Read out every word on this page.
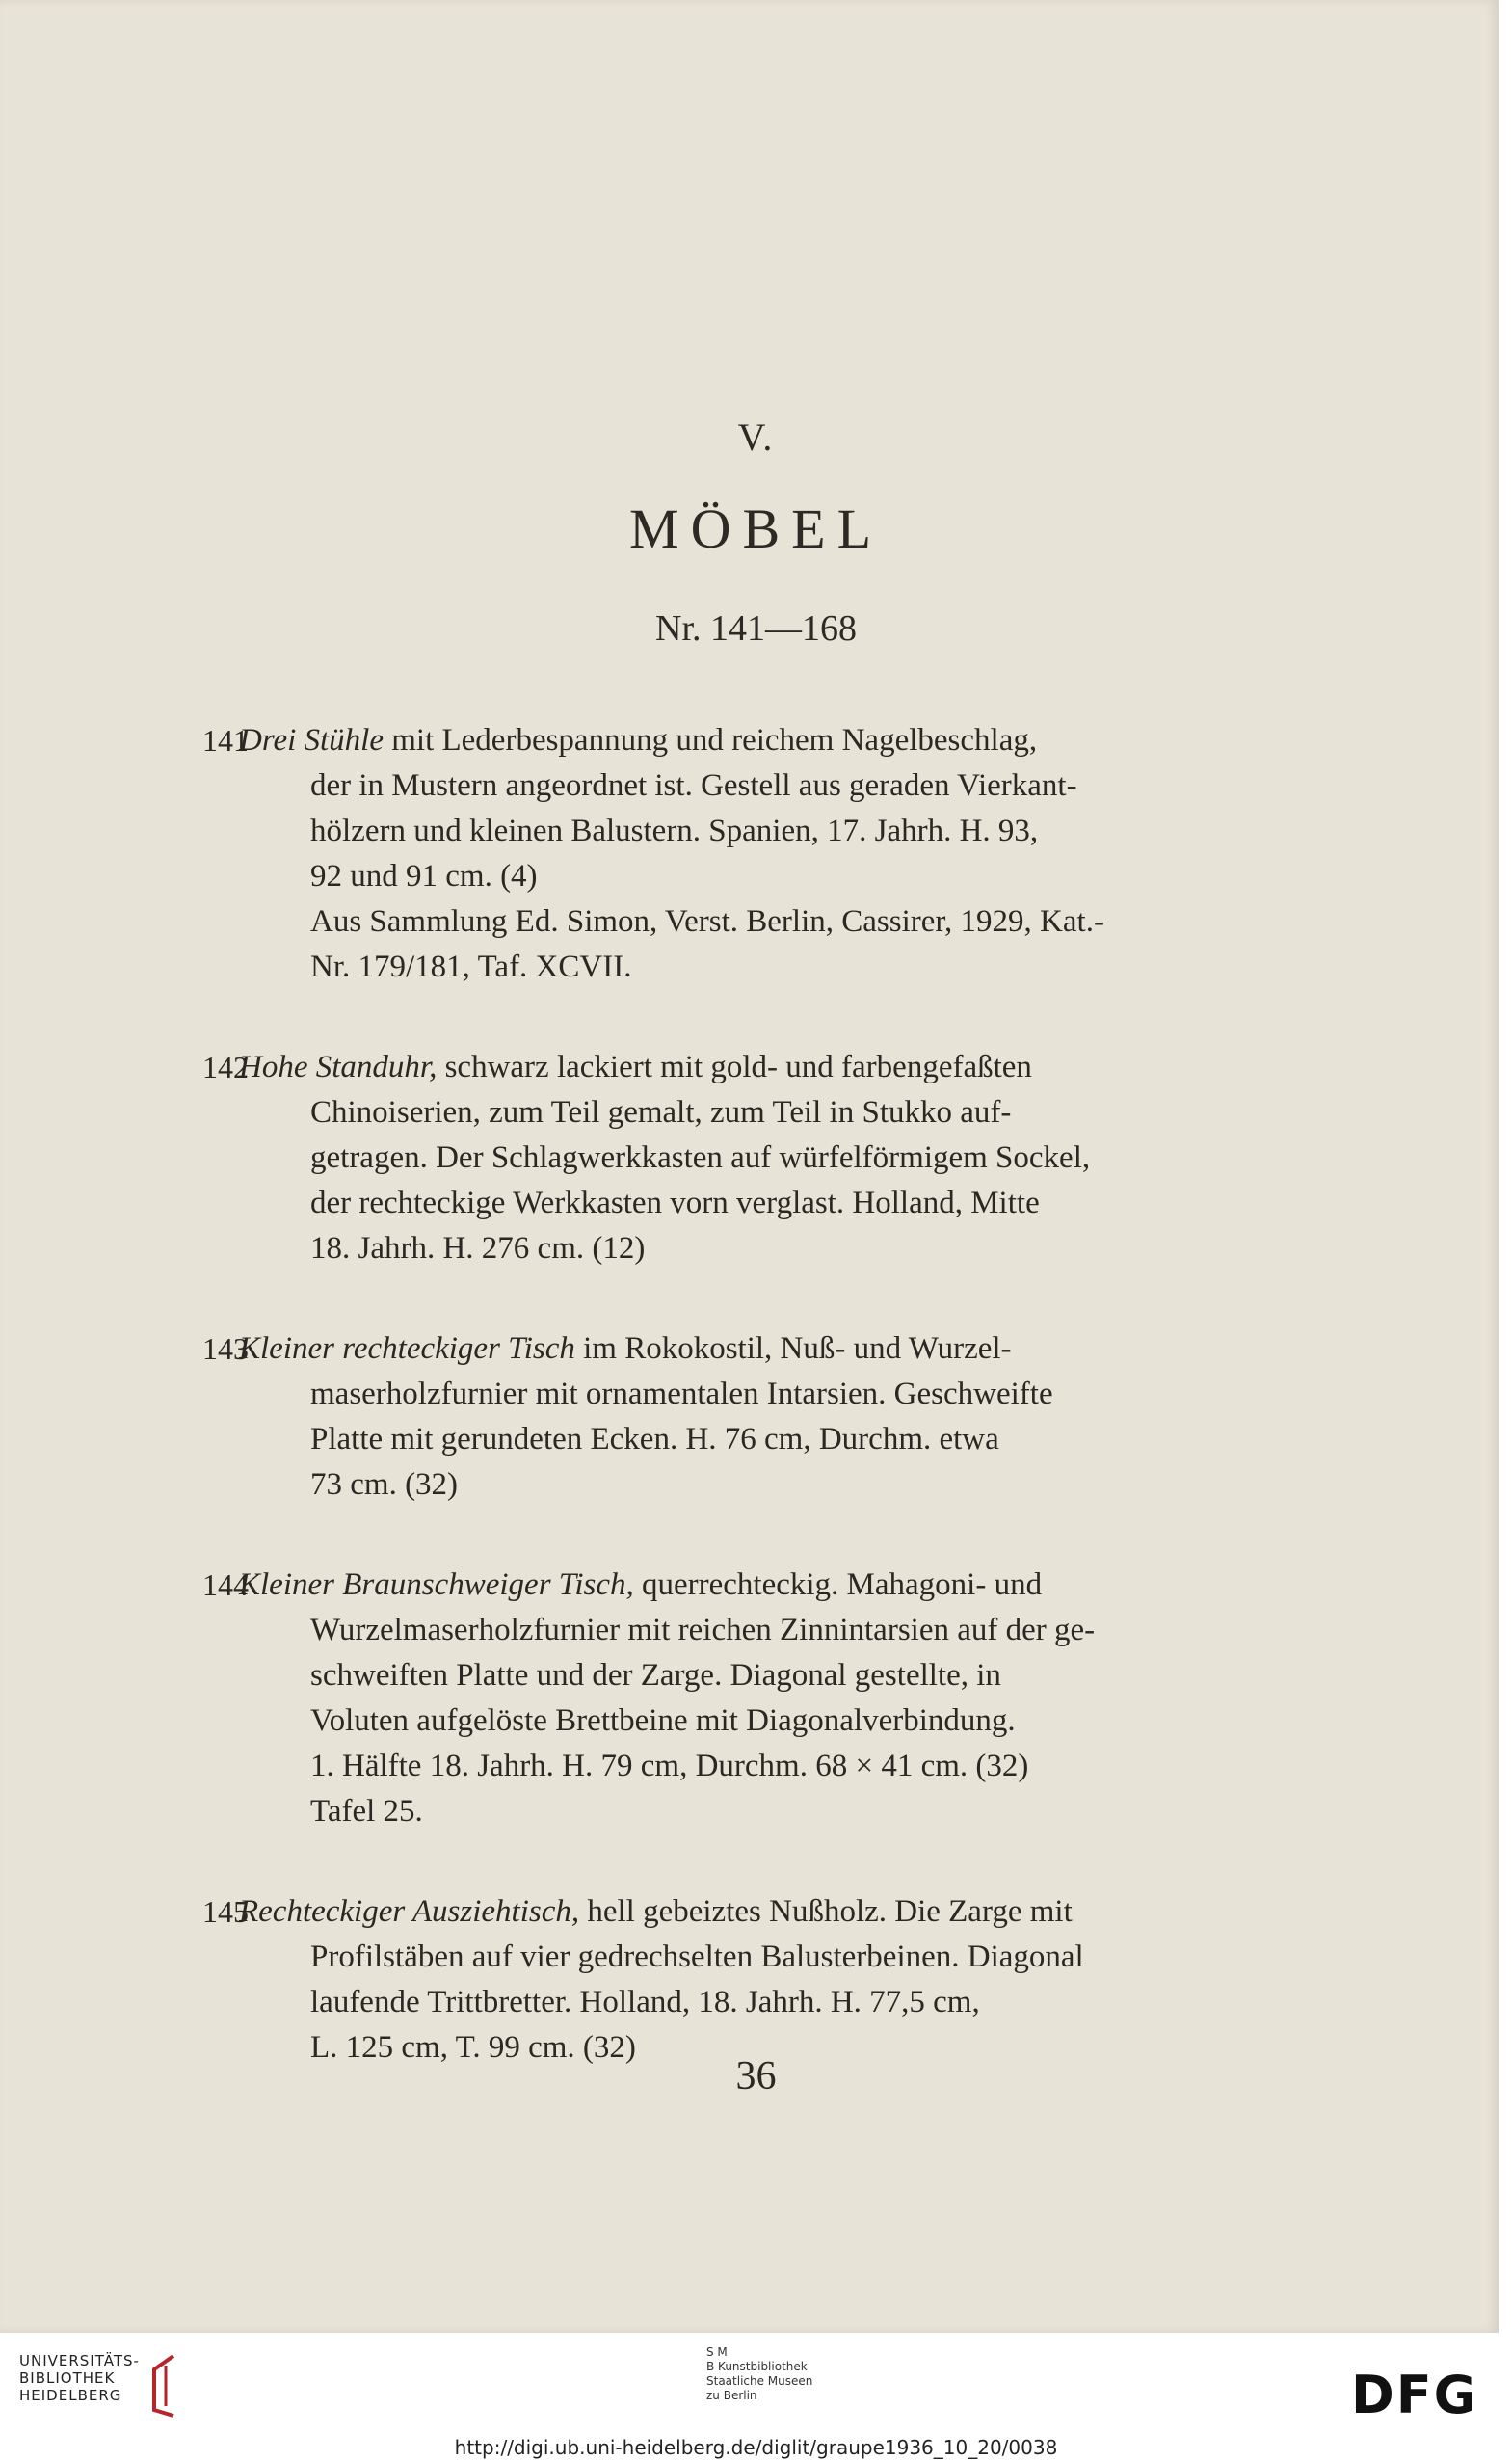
V.
MÖBEL
Nr. 141—168
141
Drei Stühle mit Lederbespannung und reichem Nagelbeschlag,
der in Mustern angeordnet ist. Gestell aus geraden Vierkant-
hölzern und kleinen Balustern. Spanien, 17. Jahrh. H. 93,
92 und 91 cm. (4)
Aus Sammlung Ed. Simon, Verst. Berlin, Cassirer, 1929, Kat.-
Nr. 179/181, Taf. XCVII.
142
Hohe Standuhr, schwarz lackiert mit gold- und farbengefaßten
Chinoiserien, zum Teil gemalt, zum Teil in Stukko auf-
getragen. Der Schlagwerkkasten auf würfelförmigem Sockel,
der rechteckige Werkkasten vorn verglast. Holland, Mitte
18. Jahrh. H. 276 cm. (12)
143
Kleiner rechteckiger Tisch im Rokokostil, Nuß- und Wurzel-
maserholzfurnier mit ornamentalen Intarsien. Geschweifte
Platte mit gerundeten Ecken. H. 76 cm, Durchm. etwa
73 cm. (32)
144
Kleiner Braunschweiger Tisch, querrechteckig. Mahagoni- und
Wurzelmaserholzfurnier mit reichen Zinnintarsien auf der ge-
schweiften Platte und der Zarge. Diagonal gestellte, in
Voluten aufgelöste Brettbeine mit Diagonalverbindung.
1. Hälfte 18. Jahrh. H. 79 cm, Durchm. 68 × 41 cm. (32)
Tafel 25.
145
Rechteckiger Ausziehtisch, hell gebeiztes Nußholz. Die Zarge mit
Profilstäben auf vier gedrechselten Balusterbeinen. Diagonal
laufende Trittbretter. Holland, 18. Jahrh. H. 77,5 cm,
L. 125 cm, T. 99 cm. (32)
36
UNIVERSITÄTS-
BIBLIOTHEK
HEIDELBERG
S M
B Kunstbibliothek
Staatliche Museen
zu Berlin	DFG
http://digi.ub.uni-heidelberg.de/diglit/graupe1936_10_20/0038
